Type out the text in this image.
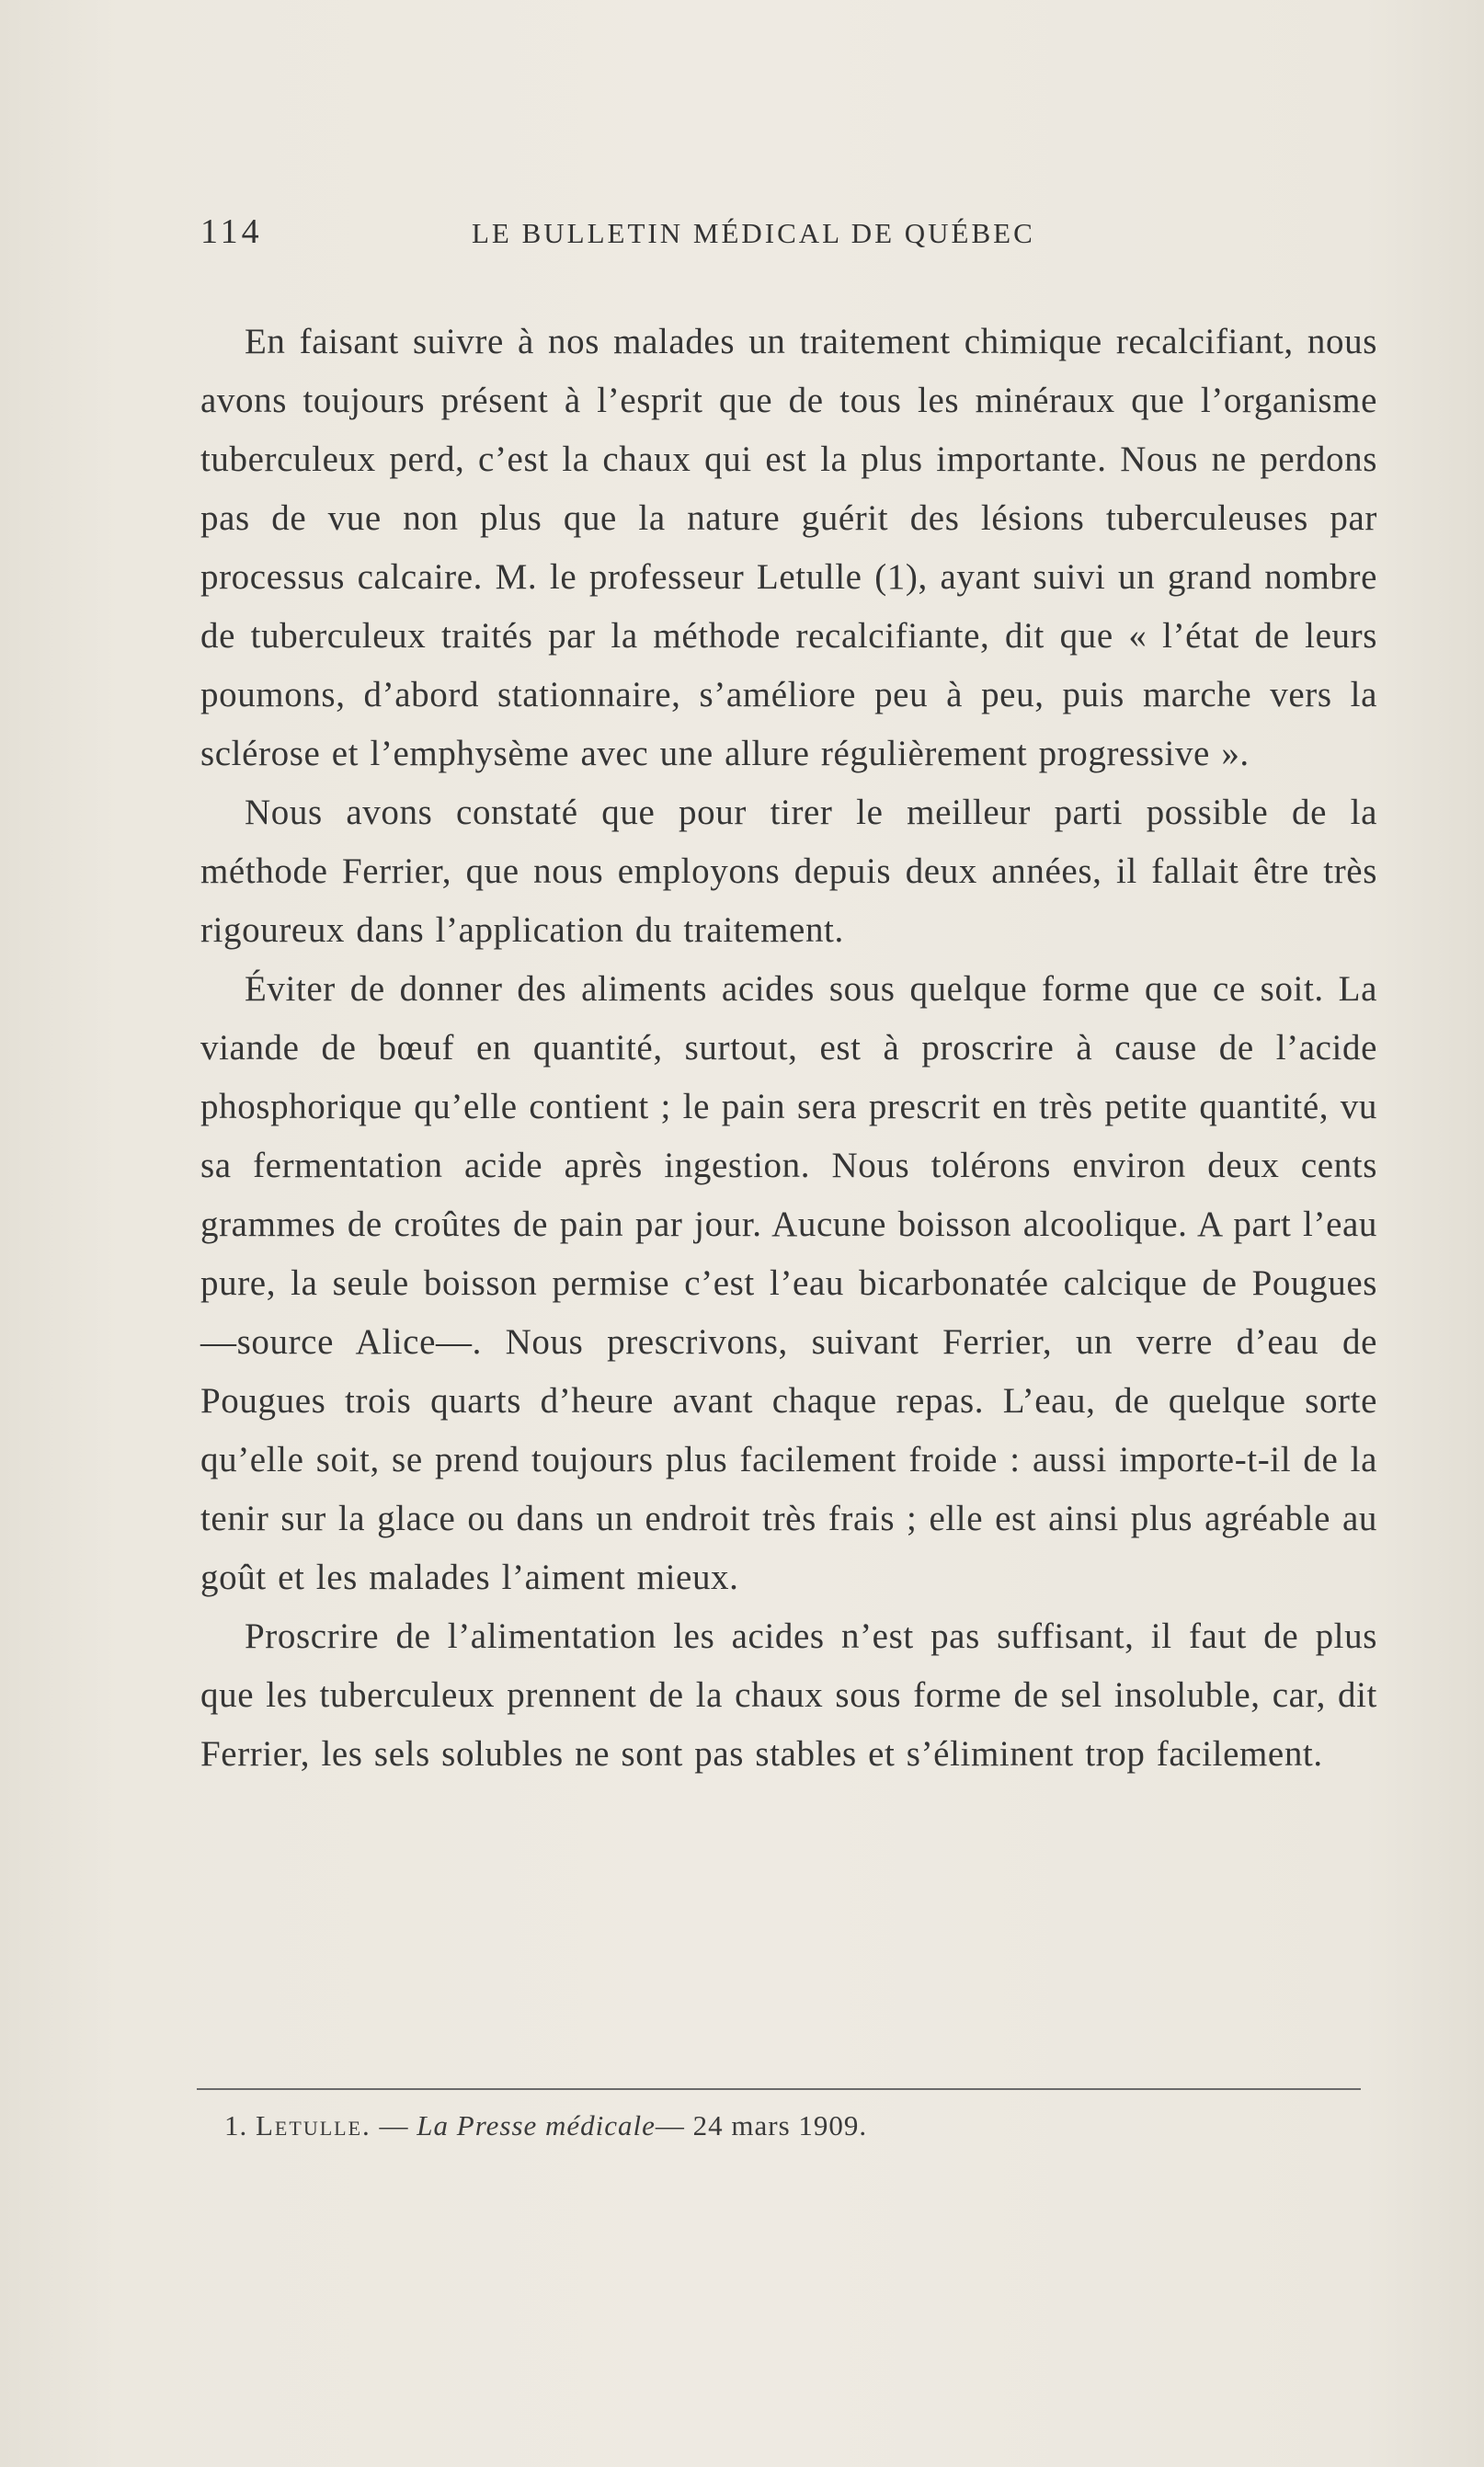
114	LE BULLETIN MÉDICAL DE QUÉBEC

En faisant suivre à nos malades un traitement chimique recalcifiant, nous avons toujours présent à l’esprit que de tous les minéraux que l’organisme tuberculeux perd, c’est la chaux qui est la plus importante. Nous ne perdons pas de vue non plus que la nature guérit des lésions tuberculeuses par processus calcaire. M. le professeur Letulle (1), ayant suivi un grand nombre de tuberculeux traités par la méthode recalcifiante, dit que « l’état de leurs poumons, d’abord stationnaire, s’améliore peu à peu, puis marche vers la sclérose et l’emphysème avec une allure régulièrement progressive ».

Nous avons constaté que pour tirer le meilleur parti possible de la méthode Ferrier, que nous employons depuis deux années, il fallait être très rigoureux dans l’application du traitement.

Éviter de donner des aliments acides sous quelque forme que ce soit. La viande de bœuf en quantité, surtout, est à proscrire à cause de l’acide phosphorique qu’elle contient ; le pain sera prescrit en très petite quantité, vu sa fermentation acide après ingestion. Nous tolérons environ deux cents grammes de croûtes de pain par jour. Aucune boisson alcoolique. A part l’eau pure, la seule boisson permise c’est l’eau bicarbonatée calcique de Pougues—source Alice—. Nous prescrivons, suivant Ferrier, un verre d’eau de Pougues trois quarts d’heure avant chaque repas. L’eau, de quelque sorte qu’elle soit, se prend toujours plus facilement froide : aussi importe-t-il de la tenir sur la glace ou dans un endroit très frais ; elle est ainsi plus agréable au goût et les malades l’aiment mieux.

Proscrire de l’alimentation les acides n’est pas suffisant, il faut de plus que les tuberculeux prennent de la chaux sous forme de sel insoluble, car, dit Ferrier, les sels solubles ne sont pas stables et s’éliminent trop facilement.

1. Letulle. — La Presse médicale— 24 mars 1909.
